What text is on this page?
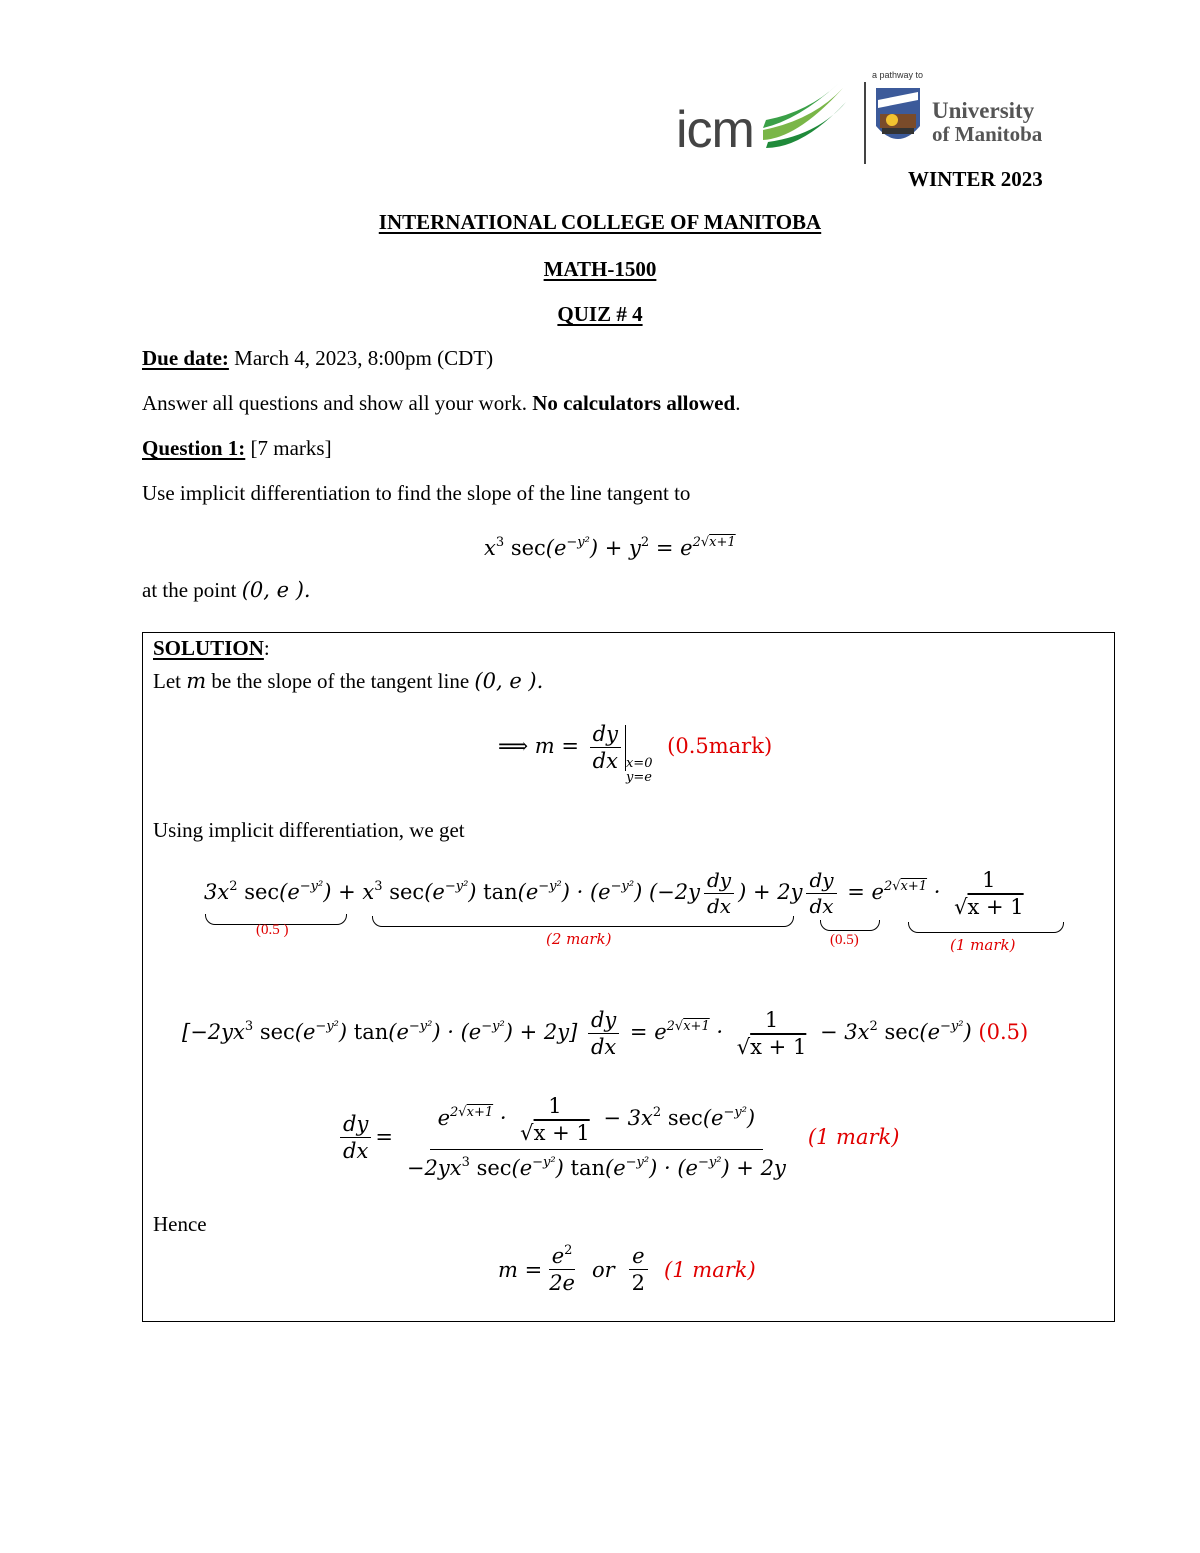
icm
a pathway to
University
of Manitoba
WINTER 2023
INTERNATIONAL COLLEGE OF MANITOBA
MATH-1500
QUIZ # 4
Due date: March 4, 2023, 8:00pm (CDT)
Answer all questions and show all your work. No calculators allowed.
Question 1: [7 marks]
Use implicit differentiation to find the slope of the line tangent to
$x^3$ $\sec(e^{-y^2}) + y^2 = e^{2√x+1}$
at the point (0, e ).
SOLUTION:
Let m be the slope of the tangent line (0, e ).
⟹ $m = \frac{dy}{dx} x=0$
y=e (0.5mark)
Using implicit differentiation, we get
$3x^2$ $\sec(e^{-y^2}) + x^3$ $\sec(e^{-y^2}) \tan(e^{-y^2}) \cdot (e^{-y^2})$ ($-2y \frac{dy}{dx}$ ) + $2y \frac{dy}{dx} = e^{2√x+1} \cdot \frac{1}{√x + 1}$
(0.5 )	(2 mark)	(0.5)	(1 mark)
[$-2yx^3$ $\sec(e^{-y^2}) \tan(e^{-y^2}) \cdot (e^{-y^2}) + 2y] \frac{dy}{dx} = e^{2√x+1} \cdot \frac{1}{√x + 1} - 3x^2$ $\sec(e^{-y^2})$ (0.5)
$\frac{dy}{dx} = \frac{e^{2√x+1} \cdot \frac{1}{√x + 1} - 3x^2 \sec(e^{-y^2})}{-2yx^3 \sec(e^{-y^2}) \tan(e^{-y^2}) \cdot (e^{-y^2}) + 2y} (1$ mark)
Hence
$m = \frac{e^2}{2e}$ or $\frac{e}{2} (1$ mark)
